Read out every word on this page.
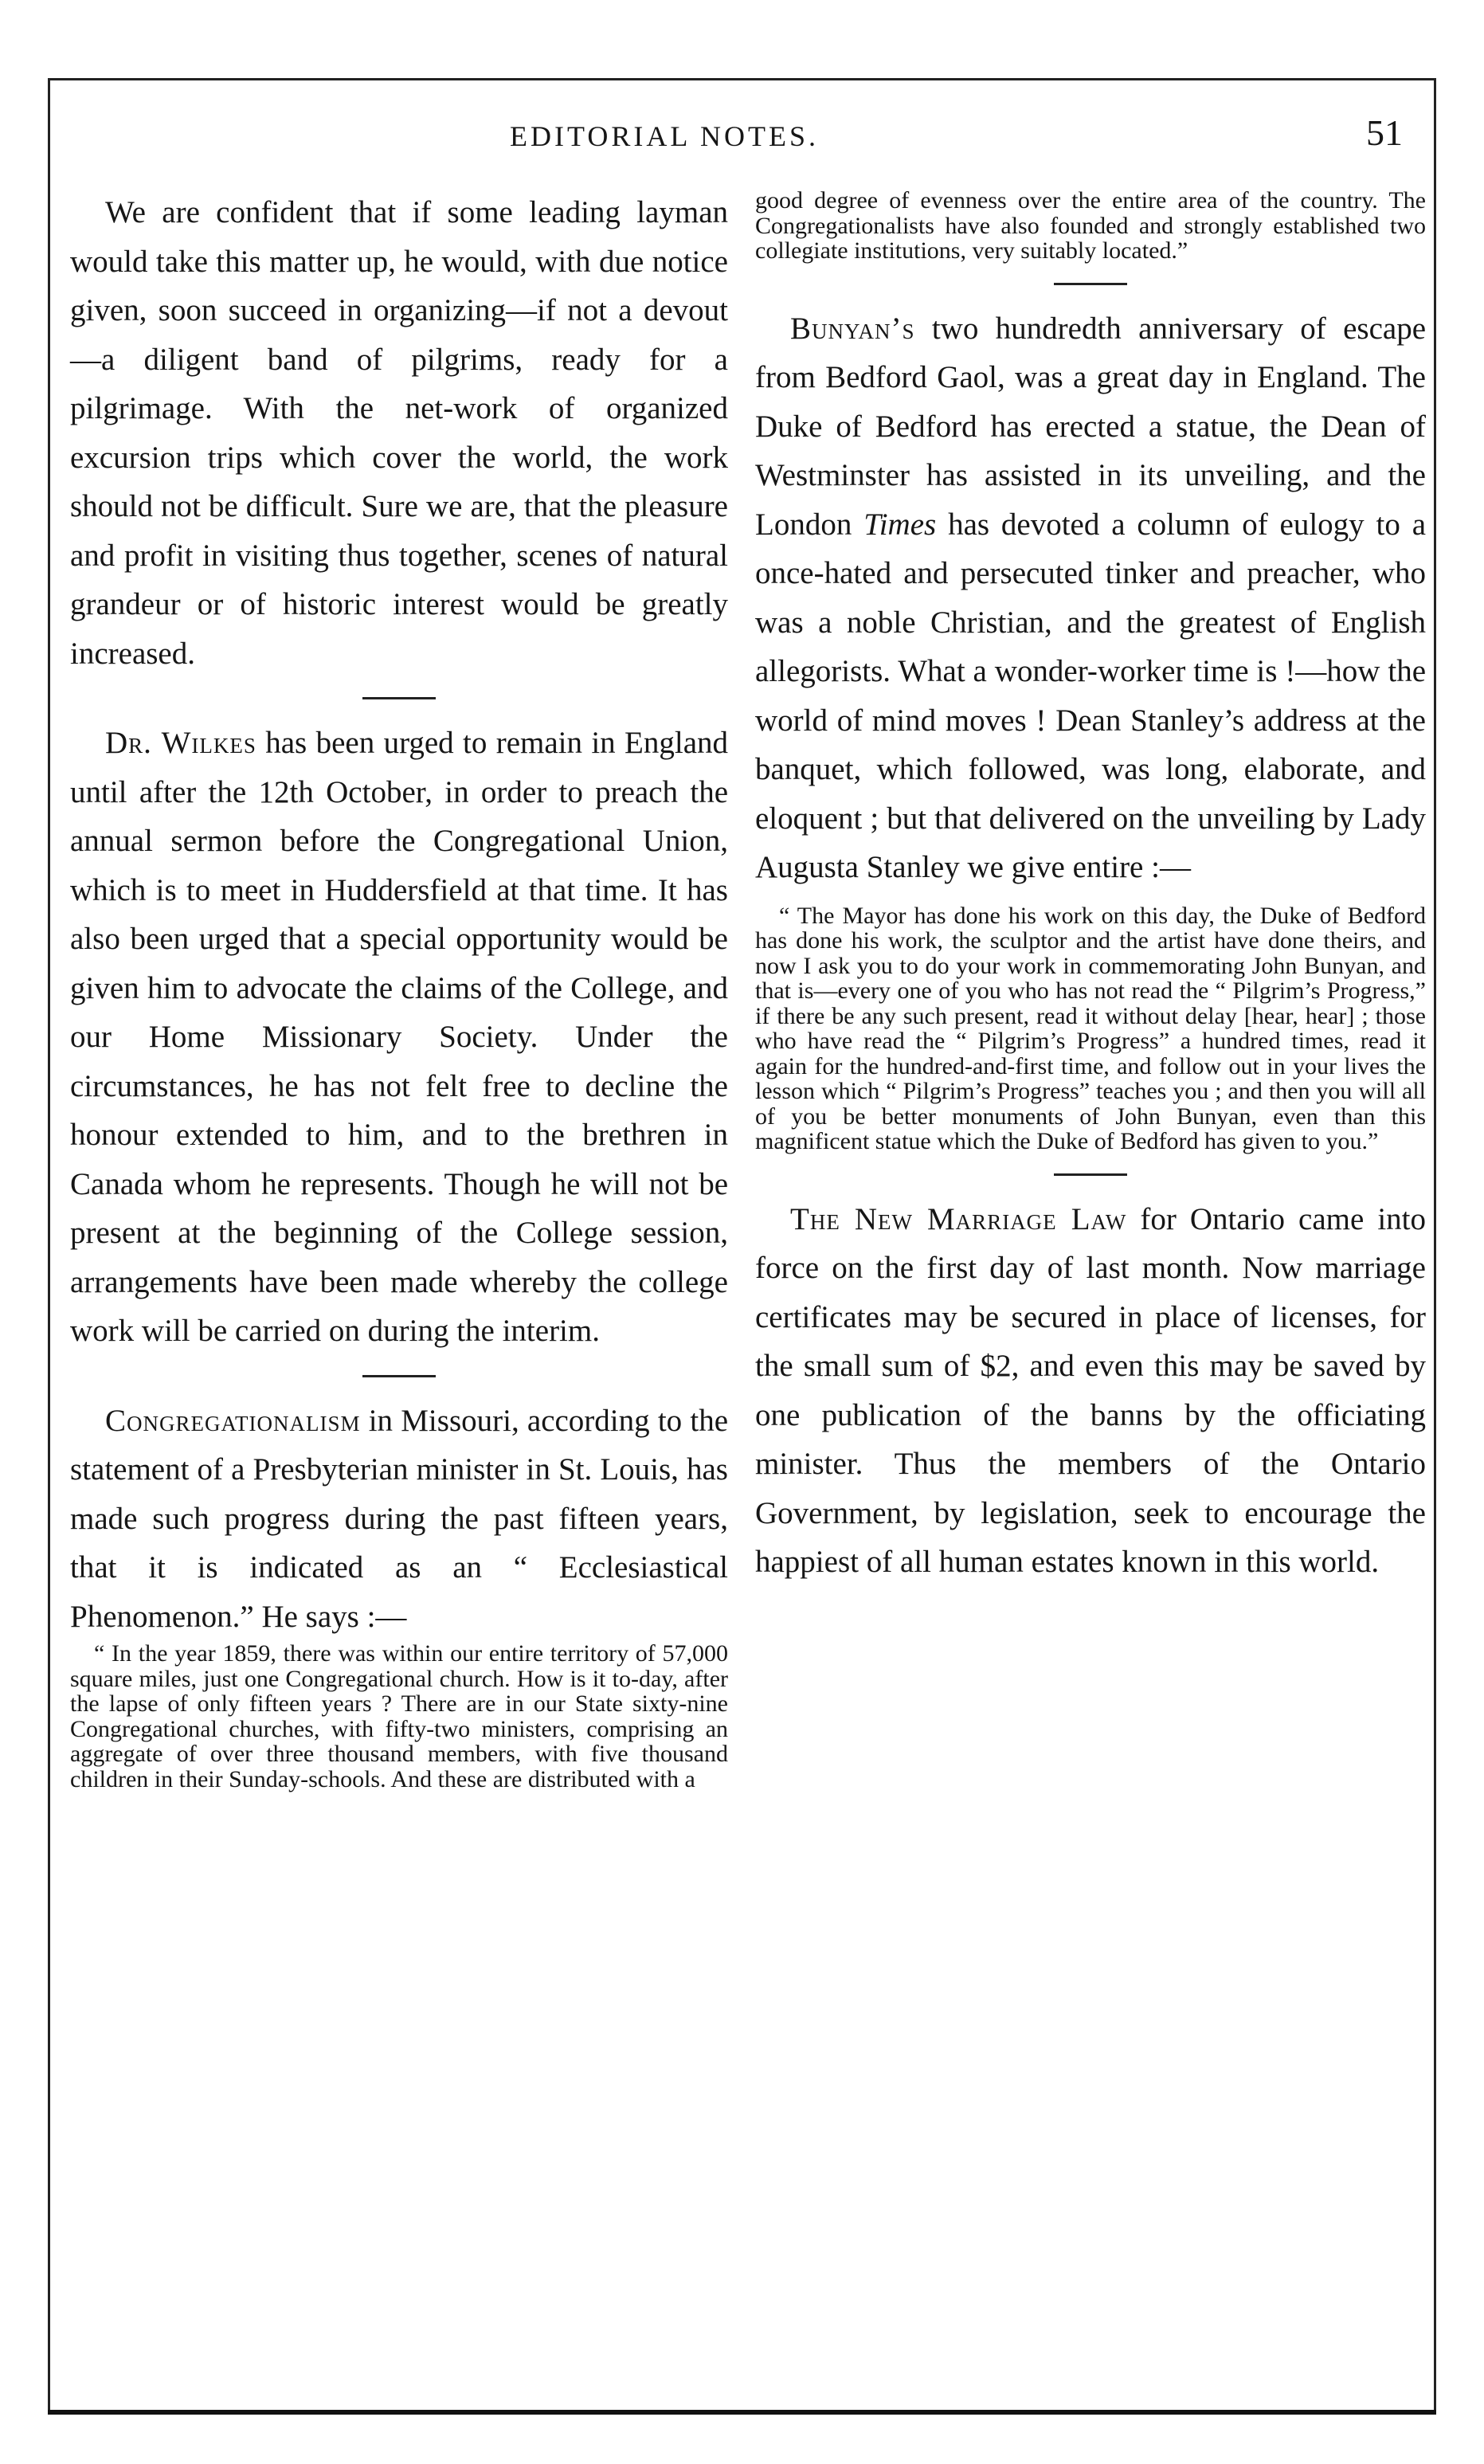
EDITORIAL NOTES.	51

We are confident that if some leading layman would take this matter up, he would, with due notice given, soon succeed in organizing—if not a devout—a diligent band of pilgrims, ready for a pilgrimage. With the net-work of organized excursion trips which cover the world, the work should not be difficult. Sure we are, that the pleasure and profit in visiting thus together, scenes of natural grandeur or of historic interest would be greatly increased.

Dr. Wilkes has been urged to remain in England until after the 12th October, in order to preach the annual sermon before the Congregational Union, which is to meet in Huddersfield at that time. It has also been urged that a special opportunity would be given him to advocate the claims of the College, and our Home Missionary Society. Under the circumstances, he has not felt free to decline the honour extended to him, and to the brethren in Canada whom he represents. Though he will not be present at the beginning of the College session, arrangements have been made whereby the college work will be carried on during the interim.

Congregationalism in Missouri, according to the statement of a Presbyterian minister in St. Louis, has made such progress during the past fifteen years, that it is indicated as an “ Ecclesiastical Phenomenon.” He says :—

“ In the year 1859, there was within our entire territory of 57,000 square miles, just one Congregational church. How is it to-day, after the lapse of only fifteen years ? There are in our State sixty-nine Congregational churches, with fifty-two ministers, comprising an aggregate of over three thousand members, with five thousand children in their Sunday-schools. And these are distributed with a

good degree of evenness over the entire area of the country. The Congregationalists have also founded and strongly established two collegiate institutions, very suitably located.”

Bunyan’s two hundredth anniversary of escape from Bedford Gaol, was a great day in England. The Duke of Bedford has erected a statue, the Dean of Westminster has assisted in its unveiling, and the London Times has devoted a column of eulogy to a once-hated and persecuted tinker and preacher, who was a noble Christian, and the greatest of English allegorists. What a wonder-worker time is !—how the world of mind moves ! Dean Stanley’s address at the banquet, which followed, was long, elaborate, and eloquent ; but that delivered on the unveiling by Lady Augusta Stanley we give entire :—

“ The Mayor has done his work on this day, the Duke of Bedford has done his work, the sculptor and the artist have done theirs, and now I ask you to do your work in commemorating John Bunyan, and that is—every one of you who has not read the “ Pilgrim’s Progress,” if there be any such present, read it without delay [hear, hear] ; those who have read the “ Pilgrim’s Progress” a hundred times, read it again for the hundred-and-first time, and follow out in your lives the lesson which “ Pilgrim’s Progress” teaches you ; and then you will all of you be better monuments of John Bunyan, even than this magnificent statue which the Duke of Bedford has given to you.”

The New Marriage Law for Ontario came into force on the first day of last month. Now marriage certificates may be secured in place of licenses, for the small sum of $2, and even this may be saved by one publication of the banns by the officiating minister. Thus the members of the Ontario Government, by legislation, seek to encourage the happiest of all human estates known in this world.
